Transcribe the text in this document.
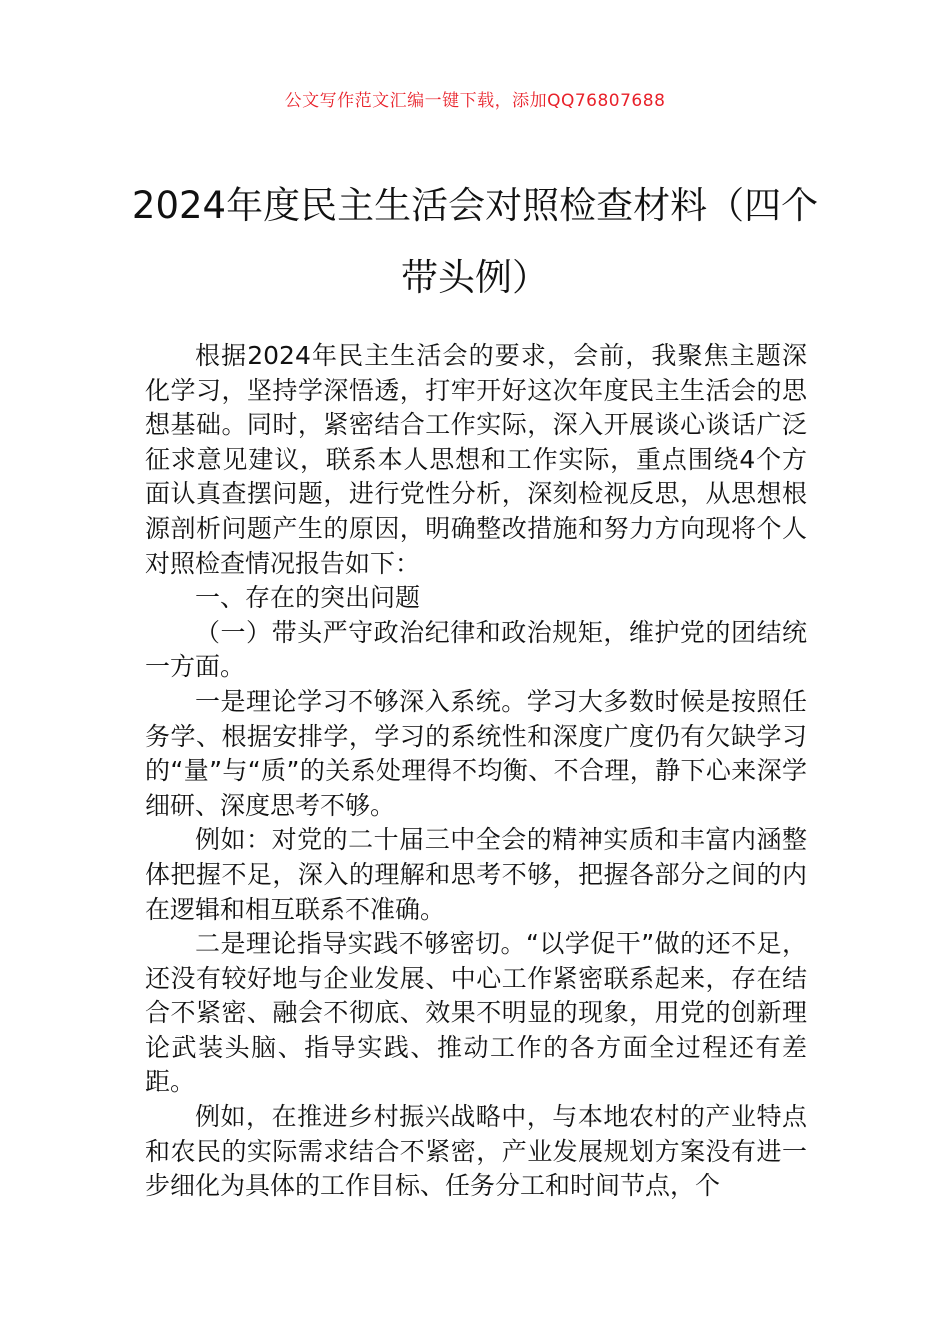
公文写作范文汇编一键下载，添加QQ76807688
2024年度民主生活会对照检查材料（四个带头例）

根据2024年民主生活会的要求，会前，我聚焦主题深化学习，坚持学深悟透，打牢开好这次年度民主生活会的思想基础。同时，紧密结合工作实际，深入开展谈心谈话广泛征求意见建议，联系本人思想和工作实际，重点围绕4个方面认真查摆问题，进行党性分析，深刻检视反思，从思想根源剖析问题产生的原因，明确整改措施和努力方向现将个人对照检查情况报告如下：

一、存在的突出问题

（一）带头严守政治纪律和政治规矩，维护党的团结统一方面。

一是理论学习不够深入系统。学习大多数时候是按照任务学、根据安排学，学习的系统性和深度广度仍有欠缺学习的“量”与“质”的关系处理得不均衡、不合理，静下心来深学细研、深度思考不够。

例如：对党的二十届三中全会的精神实质和丰富内涵整体把握不足，深入的理解和思考不够，把握各部分之间的内在逻辑和相互联系不准确。

二是理论指导实践不够密切。“以学促干”做的还不足，还没有较好地与企业发展、中心工作紧密联系起来，存在结合不紧密、融会不彻底、效果不明显的现象，用党的创新理论武装头脑、指导实践、推动工作的各方面全过程还有差距。

例如，在推进乡村振兴战略中，与本地农村的产业特点和农民的实际需求结合不紧密，产业发展规划方案没有进一步细化为具体的工作目标、任务分工和时间节点，个
